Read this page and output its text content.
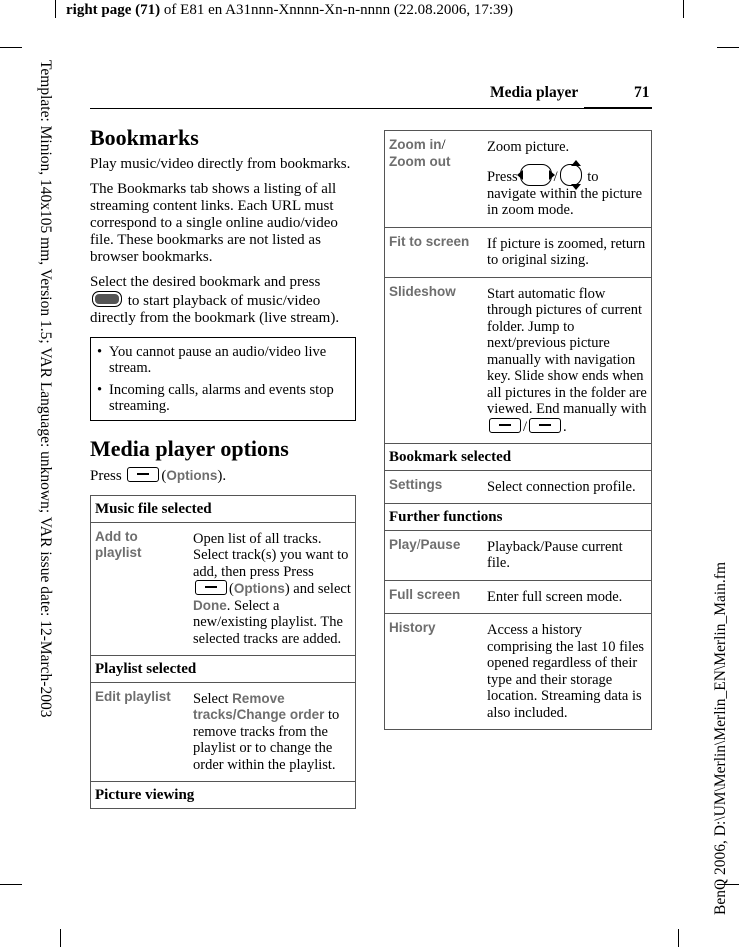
right page (71) of E81 en A31nnn-Xnnnn-Xn-n-nnnn (22.08.2006, 17:39)
Template: Minion, 140x105 mm, Version 1.5; VAR Language: unknown; VAR issue date: 12-March-2003
BenQ 2006, D:\UM\Merlin\Merlin_EN\Merlin_Main.fm
Media player	71
Bookmarks

Play music/video directly from bookmarks.

The Bookmarks tab shows a listing of all streaming content links. Each URL must correspond to a single online audio/video file. These bookmarks are not listed as browser bookmarks.

Select the desired bookmark and press
to start playback of music/video directly from the bookmark (live stream).

• You cannot pause an audio/video live stream.
• Incoming calls, alarms and events stop streaming.
Media player options

Press	(Options).

Music file selected	
Add to playlist	Open list of all tracks. Select track(s) you want to add, then press Press
(Options) and select Done. Select a new/existing playlist. The selected tracks are added.
Playlist selected	
Edit playlist	Select Remove tracks/Change order to remove tracks from the playlist or to change the order within the playlist.
Picture viewing	
Zoom in/
Zoom out	Zoom picture.
Press / to navigate within the picture in zoom mode.
Fit to screen	If picture is zoomed, return to original sizing.
Slideshow	Start automatic flow through pictures of current folder. Jump to next/previous picture manually with navigation key. Slide show ends when all pictures in the folder are viewed. End manually with / .
Bookmark selected	
Settings	Select connection profile.
Further functions	
Play/Pause	Playback/Pause current file.
Full screen	Enter full screen mode.
History	Access a history comprising the last 10 files opened regardless of their type and their storage location. Streaming data is also included.
